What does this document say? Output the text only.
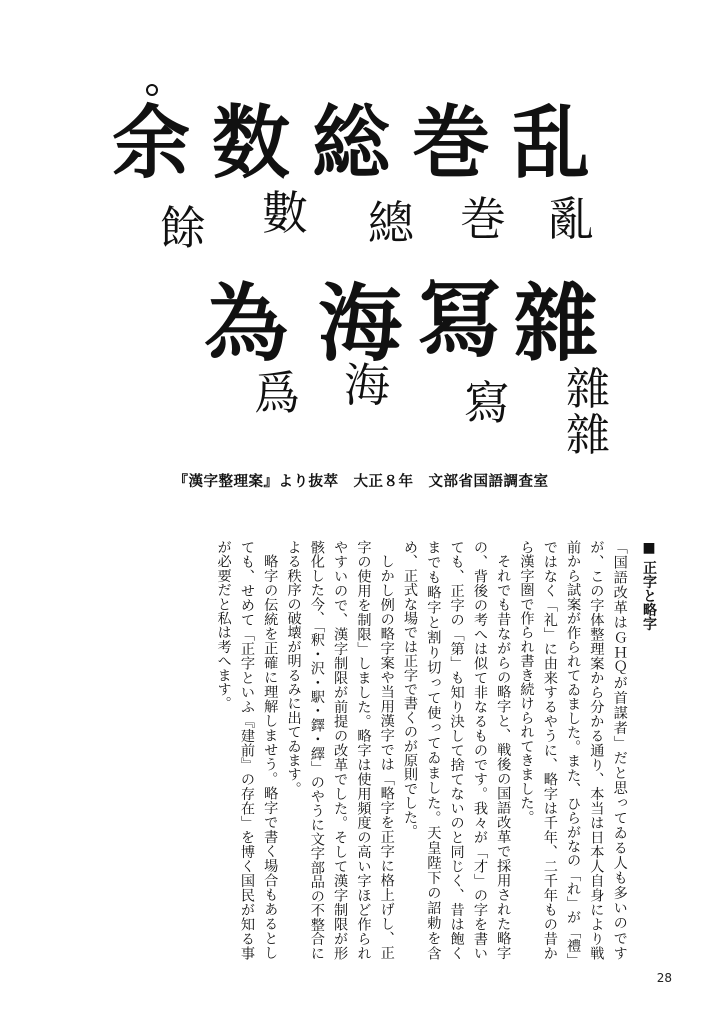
余 数 総 巻 乱
餘 數 總 巻 亂
為 海 冩 雜
爲 海 寫 雜
雜
『漢字整理案』より抜萃　大正８年　文部省国語調査室
■ 正字と略字

「国語改革はＧＨＱが首謀者」だと思ってゐる人も多いのですが、この字体整理案から分かる通り、本当は日本人自身により戦前から試案が作られてゐました。また、ひらがなの「れ」が「禮」ではなく「礼」に由来するやうに、略字は千年、二千年もの昔から漢字圏で作られ書き続けられてきました。

それでも昔ながらの略字と、戦後の国語改革で採用された略字の、背後の考へは似て非なるものです。我々が「才」の字を書いても、正字の「第」も知り決して捨てないのと同じく、昔は飽くまでも略字と割り切って使ってゐました。天皇陛下の詔勅を含め、正式な場では正字で書くのが原則でした。

しかし例の略字案や当用漢字では「略字を正字に格上げし、正字の使用を制限」しました。略字は使用頻度の高い字ほど作られやすいので、漢字制限が前提の改革でした。そして漢字制限が形骸化した今、「釈・沢・駅・鐸・繹」のやうに文字部品の不整合による秩序の破壊が明るみに出てゐます。

略字の伝統を正確に理解しませう。略字で書く場合もあるとしても、せめて「正字といふ『建前』の存在」を博く国民が知る事が必要だと私は考へます。

28
